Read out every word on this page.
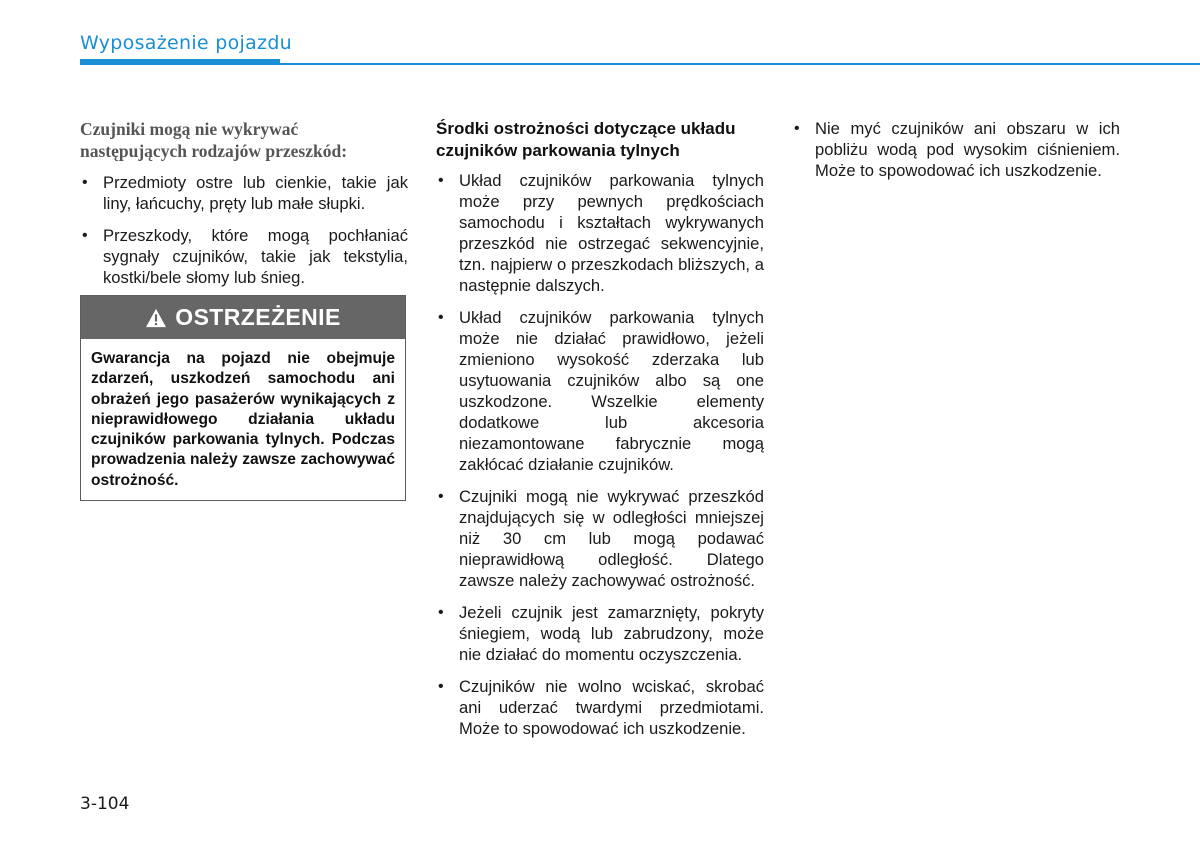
Wyposażenie pojazdu

Czujniki mogą nie wykrywać następujących rodzajów przeszkód:

• Przedmioty ostre lub cienkie, takie jak liny, łańcuchy, pręty lub małe słupki.
• Przeszkody, które mogą pochłaniać sygnały czujników, takie jak tekstylia, kostki/bele słomy lub śnieg.
OSTRZEŻENIE
Gwarancja na pojazd nie obejmuje zdarzeń, uszkodzeń samochodu ani obrażeń jego pasażerów wynikających z nieprawidłowego działania układu czujników parkowania tylnych. Podczas prowadzenia należy zawsze zachowywać ostrożność.

Środki ostrożności dotyczące układu czujników parkowania tylnych

• Układ czujników parkowania tylnych może przy pewnych prędkościach samochodu i kształtach wykrywanych przeszkód nie ostrzegać sekwencyjnie, tzn. najpierw o przeszkodach bliższych, a następnie dalszych.
• Układ czujników parkowania tylnych może nie działać prawidłowo, jeżeli zmieniono wysokość zderzaka lub usytuowania czujników albo są one uszkodzone. Wszelkie elementy dodatkowe lub akcesoria niezamontowane fabrycznie mogą zakłócać działanie czujników.
• Czujniki mogą nie wykrywać przeszkód znajdujących się w odległości mniejszej niż 30 cm lub mogą podawać nieprawidłową odległość. Dlatego zawsze należy zachowywać ostrożność.
• Jeżeli czujnik jest zamarznięty, pokryty śniegiem, wodą lub zabrudzony, może nie działać do momentu oczyszczenia.
• Czujników nie wolno wciskać, skrobać ani uderzać twardymi przedmiotami. Może to spowodować ich uszkodzenie.
• Nie myć czujników ani obszaru w ich pobliżu wodą pod wysokim ciśnieniem. Może to spowodować ich uszkodzenie.
3-104
